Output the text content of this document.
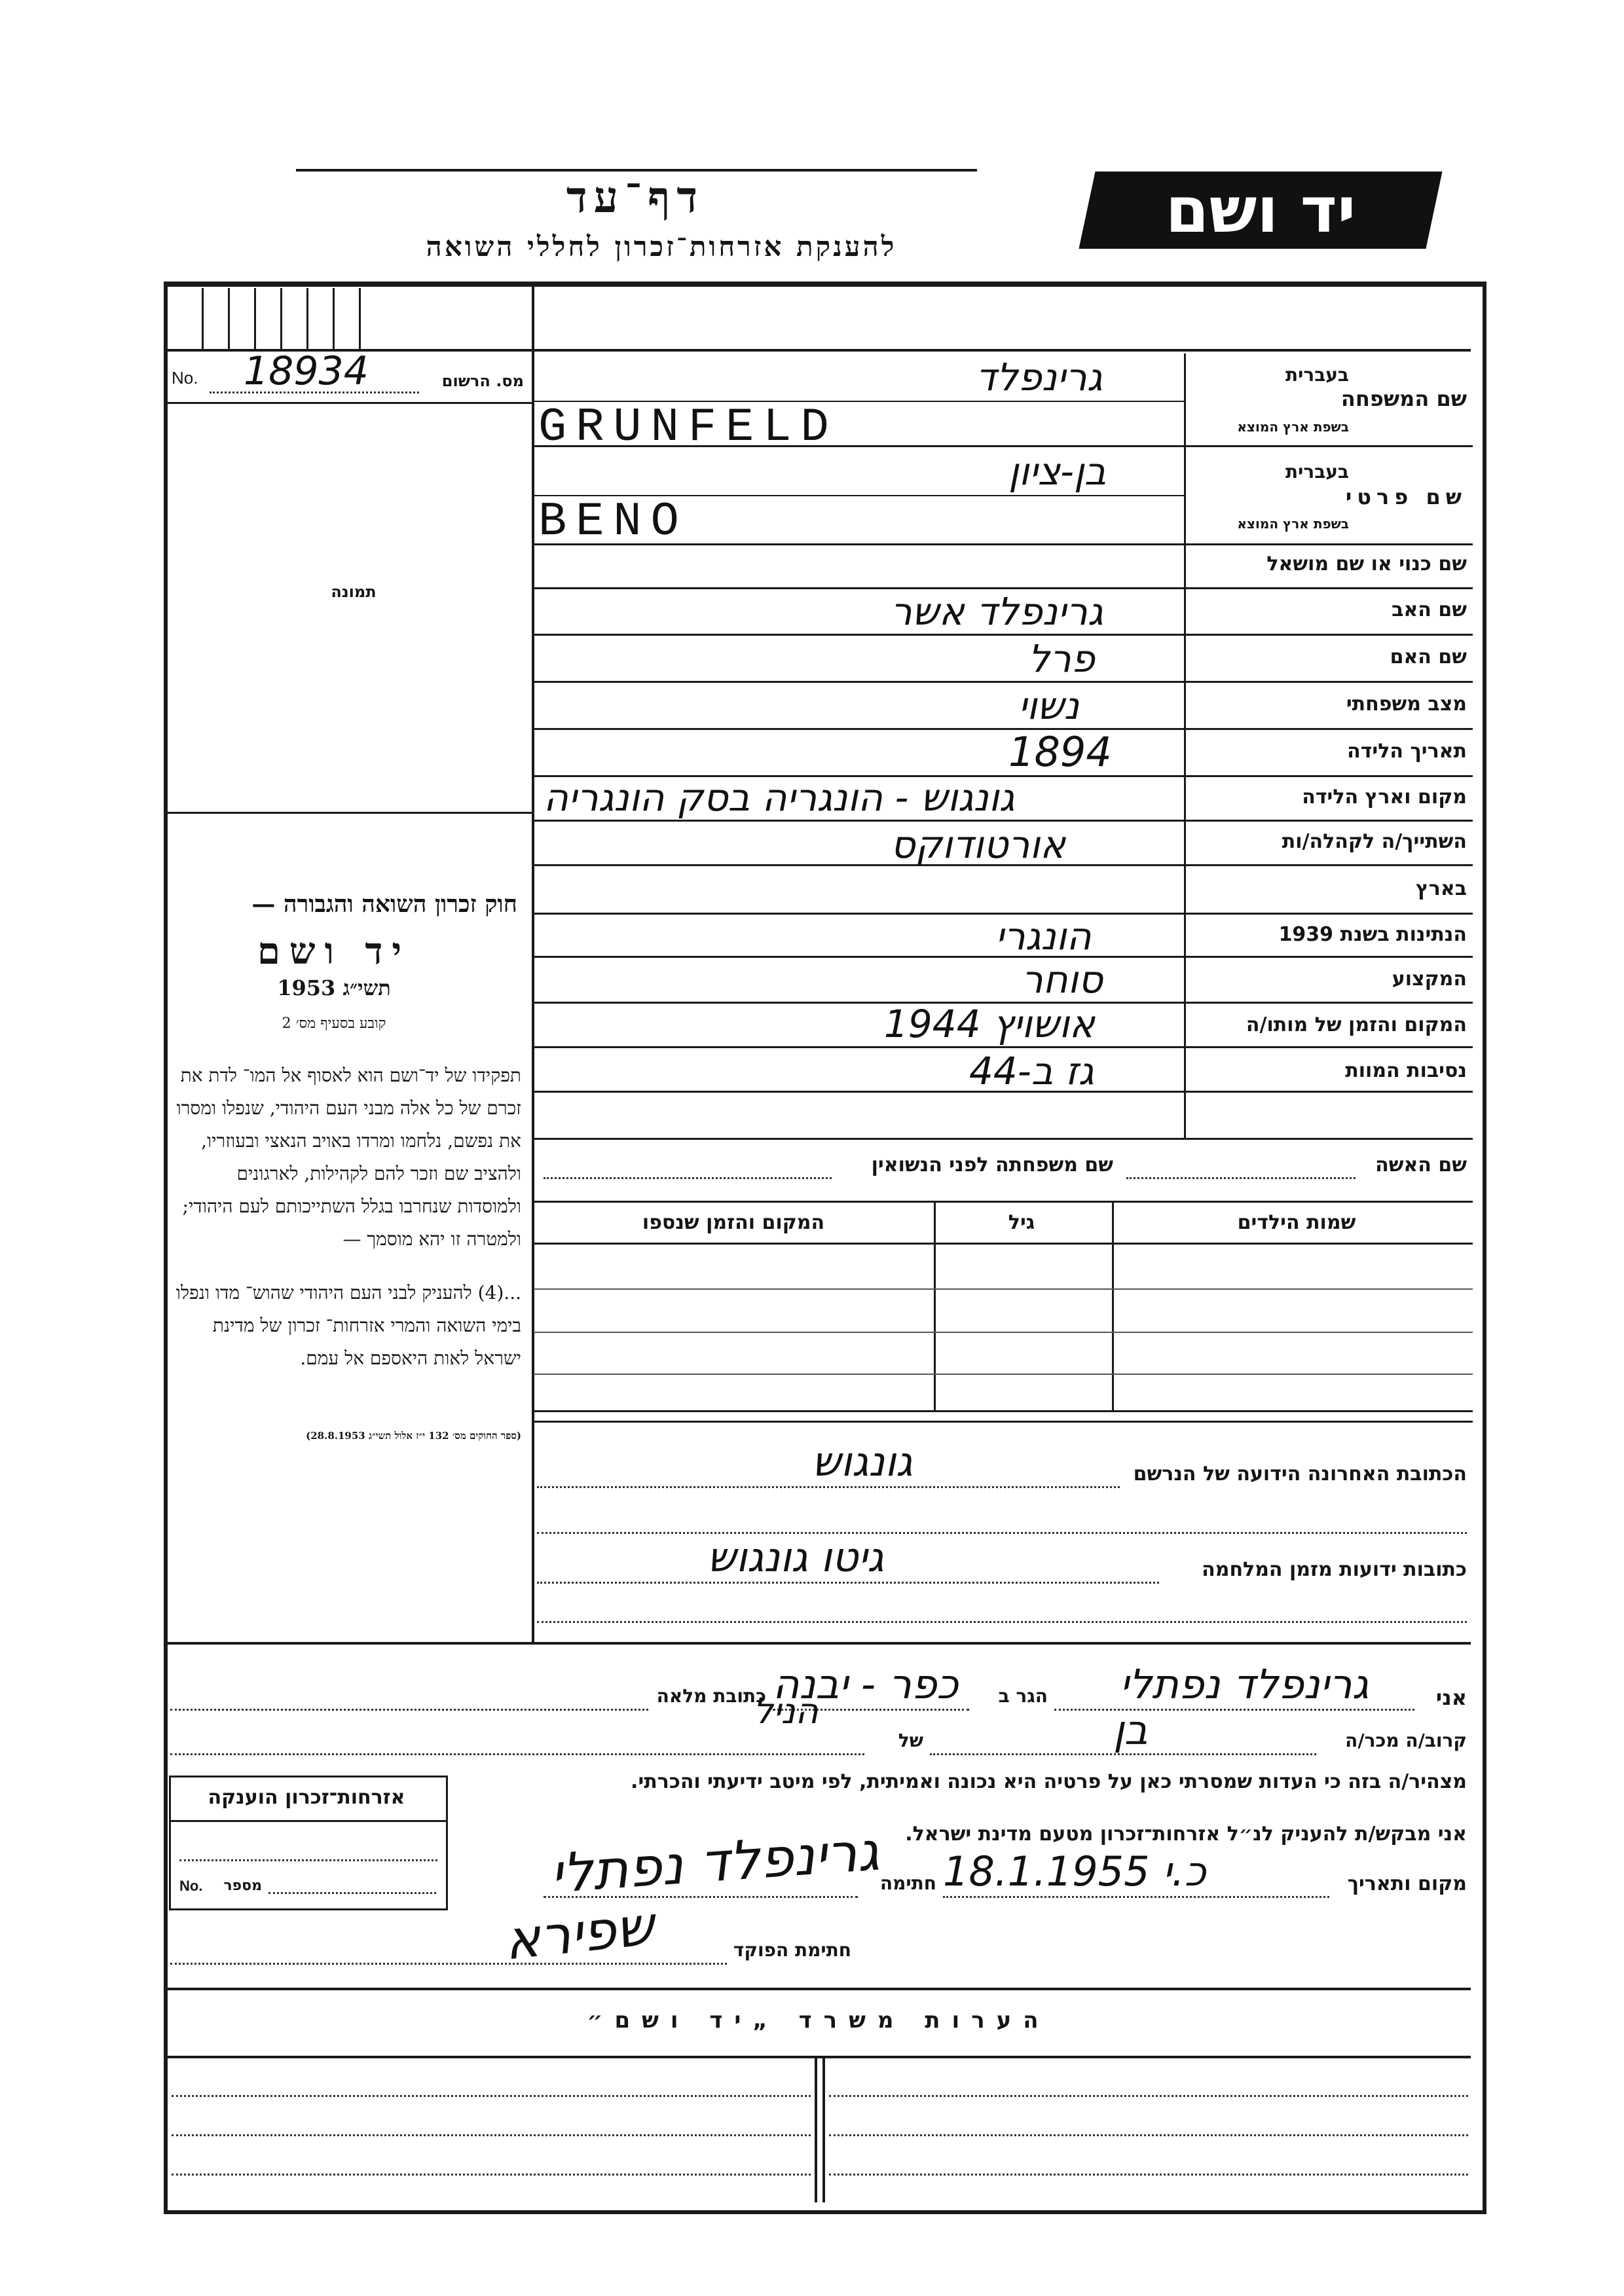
יד ושם
דף־עד
להענקת אזרחות־זכרון לחללי השואה
No. 18934	מס. הרשום
תמונה
חוק זכרון השואה והגבורה —
יד ושם
תשי״ג 1953
קובע בסעיף מס׳ 2
תפקידו של יד־ושם הוא לאסוף אל המו־ לדת את זכרם של כל אלה מבני העם היהודי, שנפלו ומסרו את נפשם, נלחמו ומרדו באויב הנאצי ובעוזריו, ולהציב שם וזכר להם לקהילות, לארגונים ולמוסדות שנחרבו בגלל השתייכותם לעם היהודי; ולמטרה זו יהא מוסמך —
...(4) להעניק לבני העם היהודי שהוש־ מדו ונפלו בימי השואה והמרי אזרחות־ זכרון של מדינת ישראל לאות היאספם אל עמם.
(ספר החוקים מס׳ 132 י״ז אלול תשי״ג 28.8.1953)
שם המשפחה
בעברית
בשפת ארץ המוצא
גרינפלד
GRUNFELD
שם פרטי
בעברית
בשפת ארץ המוצא
בן-ציון
BENO
שם כנוי או שם מושאל
שם האב
גרינפלד אשר
שם האם
פרל
מצב משפחתי
נשוי
תאריך הלידה
1894
מקום וארץ הלידה
גונגוש - הונגריה בסק הונגריה
השתייך/ה לקהלה/ות
אורטודוקס
בארץ
הנתינות בשנת 1939
הונגרי
המקצוע
סוחר
המקום והזמן של מותו/ה
אושויץ 1944
נסיבות המוות
גז ב-44
שם האשה
שם משפחתה לפני הנשואין
שמות הילדים
גיל
המקום והזמן שנספו
הכתובת האחרונה הידועה של הנרשם
גונגוש
כתובות ידועות מזמן המלחמה
גיטו גונגוש
אני
גרינפלד נפתלי
הגר ב
כפר - יבנה
כתובת מלאה
קרוב/ה מכר/ה
בן
של
הניל
מצהיר/ה בזה כי העדות שמסרתי כאן על פרטיה היא נכונה ואמיתית, לפי מיטב ידיעתי והכרתי.
אני מבקש/ת להעניק לנ״ל אזרחות־זכרון מטעם מדינת ישראל.
מקום ותאריך
כ.י 18.1.1955
חתימה
גרינפלד נפתלי
חתימת הפוקד
שפירא
אזרחות־זכרון הוענקה
No.	מספר
הערות משרד „יד ושם״
